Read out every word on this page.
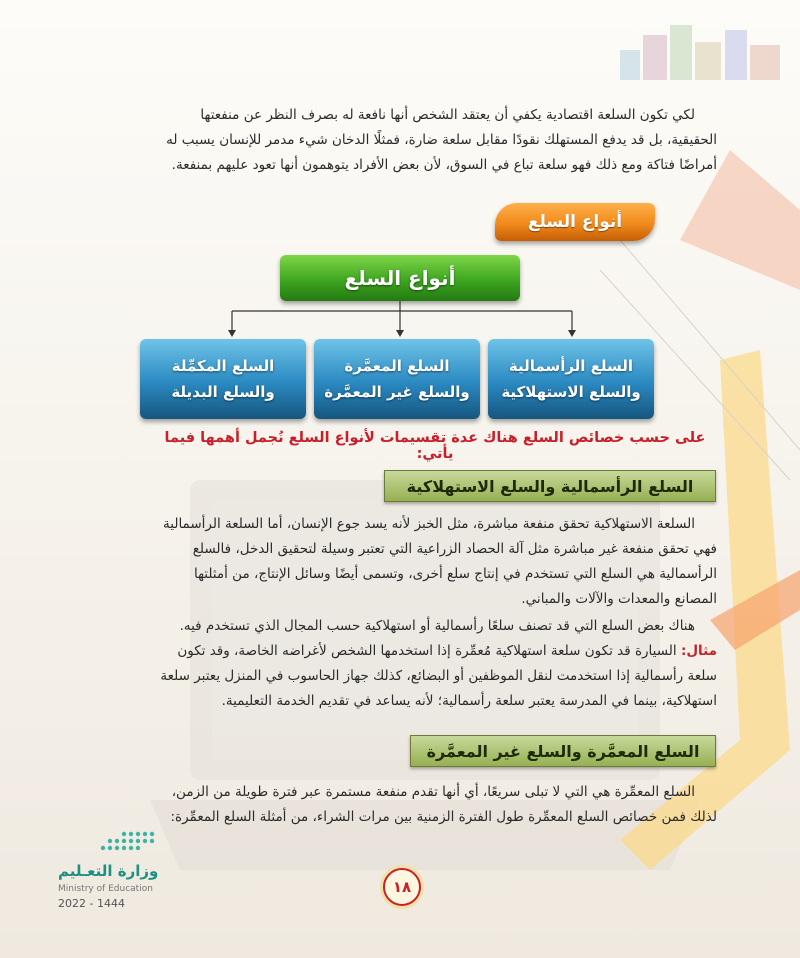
لكي تكون السلعة اقتصادية يكفي أن يعتقد الشخص أنها نافعة له بصرف النظر عن منفعتها

الحقيقية، بل قد يدفع المستهلك نقودًا مقابل سلعة ضارة، فمثلًا الدخان شيء مدمر للإنسان يسبب له

أمراضًا فتاكة ومع ذلك فهو سلعة تباع في السوق، لأن بعض الأفراد يتوهمون أنها تعود عليهم بمنفعة.

أنواع السلع
أنواع السلع
السلع الرأسمالية
والسلع الاستهلاكية
السلع المعمَّرة
والسلع غير المعمَّرة
السلع المكمِّلة
والسلع البديلة
على حسب خصائص السلع هناك عدة تقسيمات لأنواع السلع نُجمل أهمها فيما يأتي:
السلع الرأسمالية والسلع الاستهلاكية

السلعة الاستهلاكية تحقق منفعة مباشرة، مثل الخبز لأنه يسد جوع الإنسان، أما السلعة الرأسمالية

فهي تحقق منفعة غير مباشرة مثل آلة الحصاد الزراعية التي تعتبر وسيلة لتحقيق الدخل، فالسلع

الرأسمالية هي السلع التي تستخدم في إنتاج سلع أخرى، وتسمى أيضًا وسائل الإنتاج، من أمثلتها

المصانع والمعدات والآلات والمباني.

هناك بعض السلع التي قد تصنف سلعًا رأسمالية أو استهلاكية حسب المجال الذي تستخدم فيه.

مثال: السيارة قد تكون سلعة استهلاكية مُعمِّرة إذا استخدمها الشخص لأغراضه الخاصة، وقد تكون

سلعة رأسمالية إذا استخدمت لنقل الموظفين أو البضائع، كذلك جهاز الحاسوب في المنزل يعتبر سلعة

استهلاكية، بينما في المدرسة يعتبر سلعة رأسمالية؛ لأنه يساعد في تقديم الخدمة التعليمية.

السلع المعمَّرة والسلع غير المعمَّرة

السلع المعمِّرة هي التي لا تبلى سريعًا، أي أنها تقدم منفعة مستمرة عبر فترة طويلة من الزمن،

لذلك فمن خصائص السلع المعمِّرة طول الفترة الزمنية بين مرات الشراء، من أمثلة السلع المعمِّرة:

وزارة التعـليم
Ministry of Education
2022 - 1444
١٨
